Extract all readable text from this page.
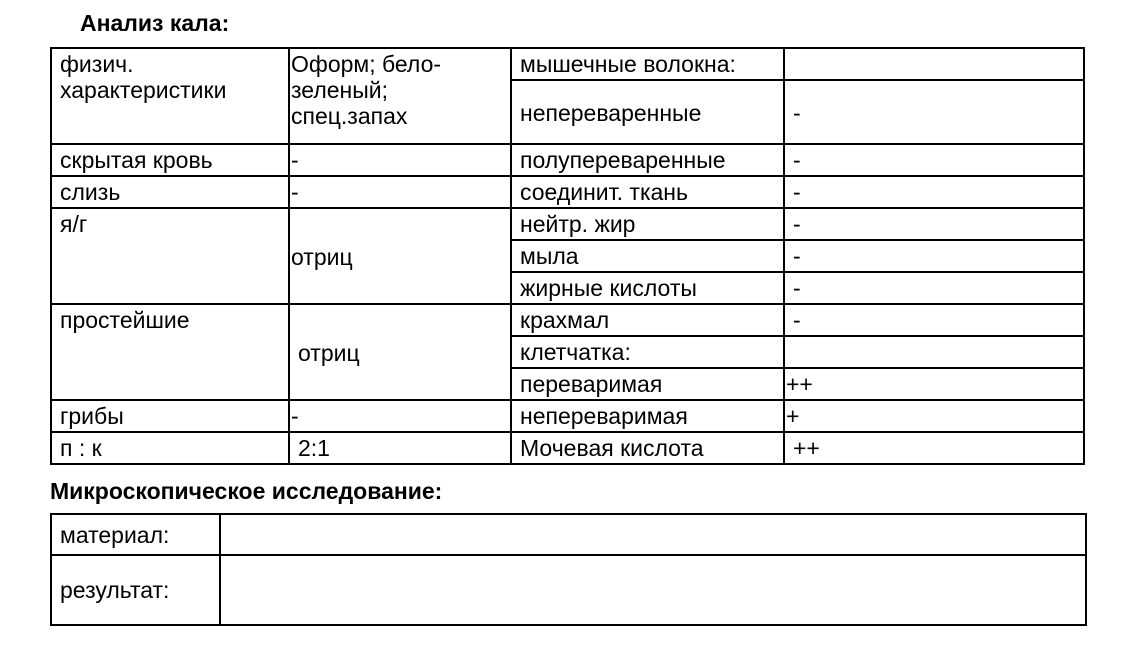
Анализ кала:
физич.
характеристики	Оформ; бело-
зеленый;
спец.запах	мышечные волокна:	
		непереваренные	-
скрытая кровь	-	полупереваренные	-
слизь	-	соединит. ткань	-
я/г	отриц	нейтр. жир	-
		мыла	-
		жирные кислоты	-
простейшие	отриц	крахмал	-
		клетчатка:	
		переваримая	++
грибы	-	непереваримая	+
п : к	2:1	Мочевая кислота	++
Микроскопическое исследование:
материал:	
результат:	
